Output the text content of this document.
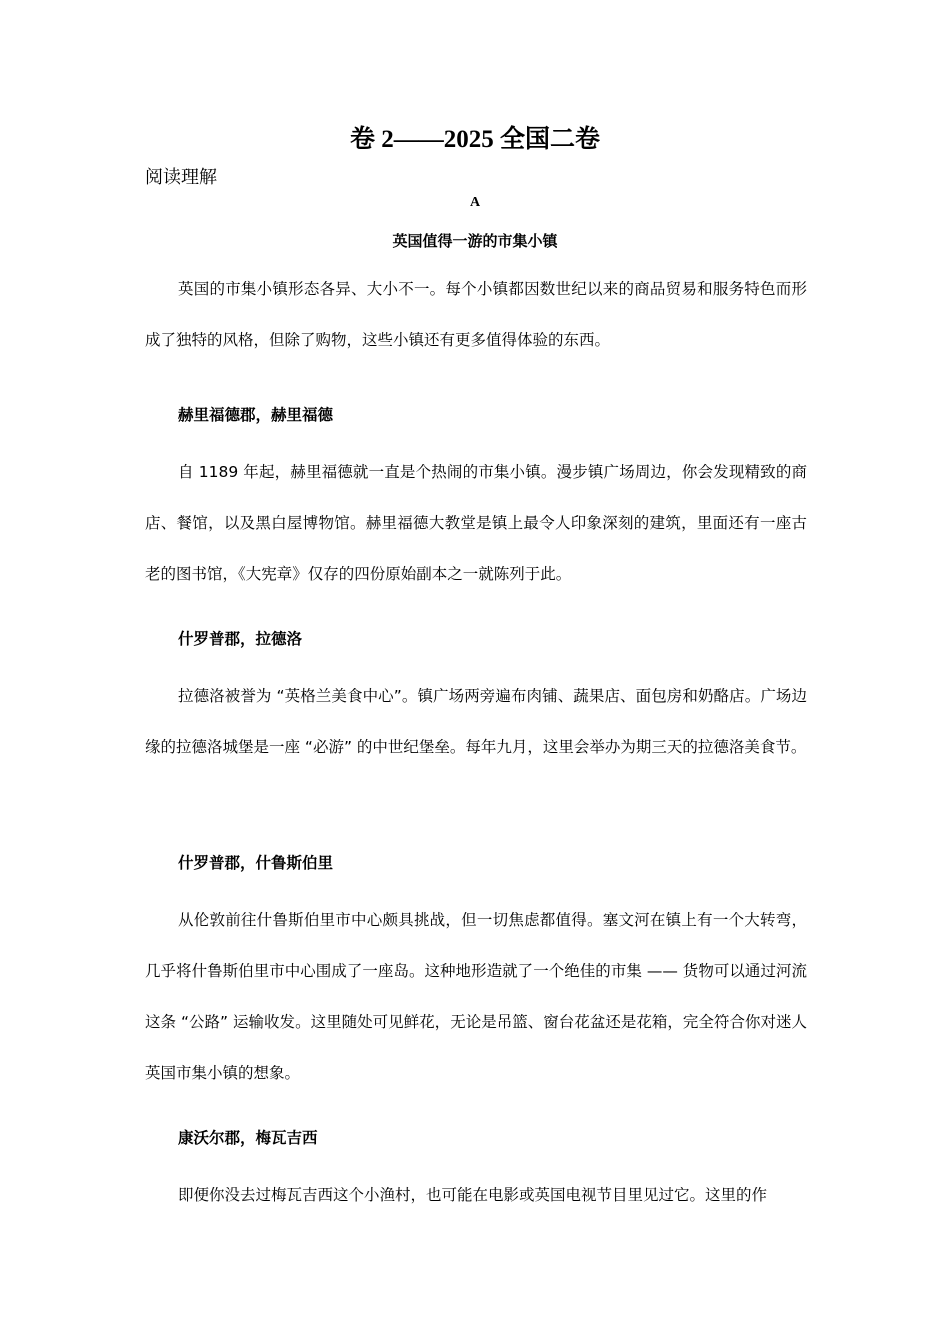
卷 2——2025 全国二卷
阅读理解
A
英国值得一游的市集小镇

英国的市集小镇形态各异、大小不一。每个小镇都因数世纪以来的商品贸易和服务特色而形成了独特的风格，但除了购物，这些小镇还有更多值得体验的东西。

赫里福德郡，赫里福德

自 1189 年起，赫里福德就一直是个热闹的市集小镇。漫步镇广场周边，你会发现精致的商店、餐馆，以及黑白屋博物馆。赫里福德大教堂是镇上最令人印象深刻的建筑，里面还有一座古老的图书馆，《大宪章》仅存的四份原始副本之一就陈列于此。

什罗普郡，拉德洛

拉德洛被誉为 “英格兰美食中心”。镇广场两旁遍布肉铺、蔬果店、面包房和奶酪店。广场边缘的拉德洛城堡是一座 “必游” 的中世纪堡垒。每年九月，这里会举办为期三天的拉德洛美食节。

什罗普郡，什鲁斯伯里

从伦敦前往什鲁斯伯里市中心颇具挑战，但一切焦虑都值得。塞文河在镇上有一个大转弯，几乎将什鲁斯伯里市中心围成了一座岛。这种地形造就了一个绝佳的市集 —— 货物可以通过河流这条 “公路” 运输收发。这里随处可见鲜花，无论是吊篮、窗台花盆还是花箱，完全符合你对迷人英国市集小镇的想象。

康沃尔郡，梅瓦吉西

即便你没去过梅瓦吉西这个小渔村，也可能在电影或英国电视节目里见过它。这里的作
